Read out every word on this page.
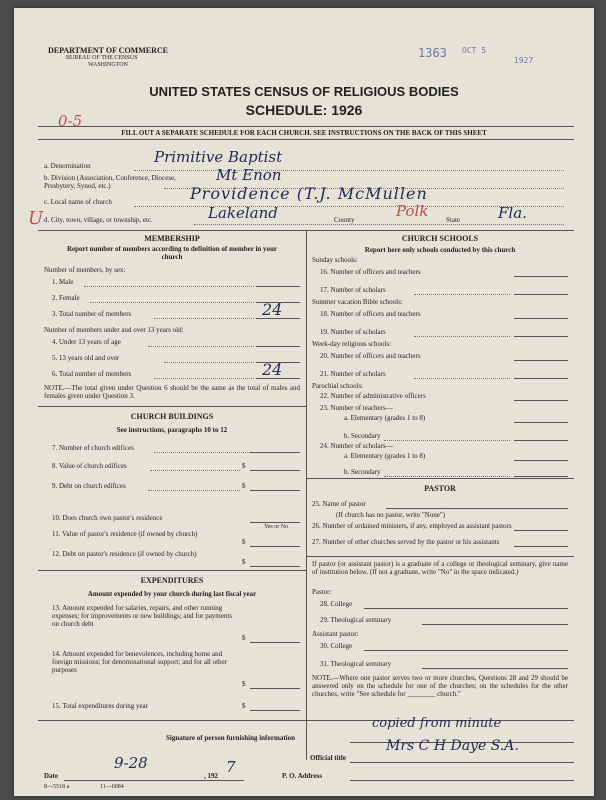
DEPARTMENT OF COMMERCE
BUREAU OF THE CENSUS
WASHINGTON
1363 OCT 5
1927
UNITED STATES CENSUS OF RELIGIOUS BODIES
SCHEDULE: 1926
0-5
FILL OUT A SEPARATE SCHEDULE FOR EACH CHURCH. SEE INSTRUCTIONS ON THE BACK OF THIS SHEET
a. Denomination	Primitive Baptist
b. Division (Association, Conference, Diocese, Presbytery, Synod, etc.)
Mt Enon
c. Local name of church	Providence (T.J. McMullen
U d. City, town, village, or township, etc.	Lakeland	County	Polk	State	Fla.
MEMBERSHIP
Report number of members according to definition of member in your church
Number of members, by sex:
1. Male
2. Female
3. Total number of members	24
Number of members under and over 13 years old:
4. Under 13 years of age
5. 13 years old and over
6. Total number of members	24
NOTE.—The total given under Question 6 should be the same as the total of males and females given under Question 3.
CHURCH BUILDINGS
See instructions, paragraphs 10 to 12
7. Number of church edifices
8. Value of church edifices	$
9. Debt on church edifices	$
10. Does church own pastor's residence
Yes or No
11. Value of pastor's residence (if owned by church)
$
12. Debt on pastor's residence (if owned by church)
$
EXPENDITURES
Amount expended by your church during last fiscal year
13. Amount expended for salaries, repairs, and other running expenses; for improvements or new buildings; and for payments on church debt
$
14. Amount expended for benevolences, including home and foreign missions; for denominational support; and for all other purposes
$
15. Total expenditures during year	$
CHURCH SCHOOLS
Report here only schools conducted by this church
Sunday schools:
16. Number of officers and teachers
17. Number of scholars
Summer vacation Bible schools:
18. Number of officers and teachers
19. Number of scholars
Week-day religious schools:
20. Number of officers and teachers
21. Number of scholars
Parochial schools:
22. Number of administrative officers
23. Number of teachers—
a. Elementary (grades 1 to 8)
b. Secondary
24. Number of scholars—
a. Elementary (grades 1 to 8)
b. Secondary
PASTOR
25. Name of pastor
(If church has no pastor, write "None")
26. Number of ordained ministers, if any, employed as assistant pastors
27. Number of other churches served by the pastor or his assistants
If pastor (or assistant pastor) is a graduate of a college or theological seminary, give name of institution below. (If not a graduate, write "No" in the space indicated.)
Pastor:
28. College
29. Theological seminary
Assistant pastor:
30. College
31. Theological seminary
NOTE.—Where one pastor serves two or more churches, Questions 28 and 29 should be answered only on the schedule for one of the churches; on the schedules for the other churches, write "See schedule for ________ church."
Signature of person furnishing information
copied from minute
Official title
Mrs C H Daye S.A.
Date
9-28
, 192 7	P. O. Address
8—5518 a	11—6084
